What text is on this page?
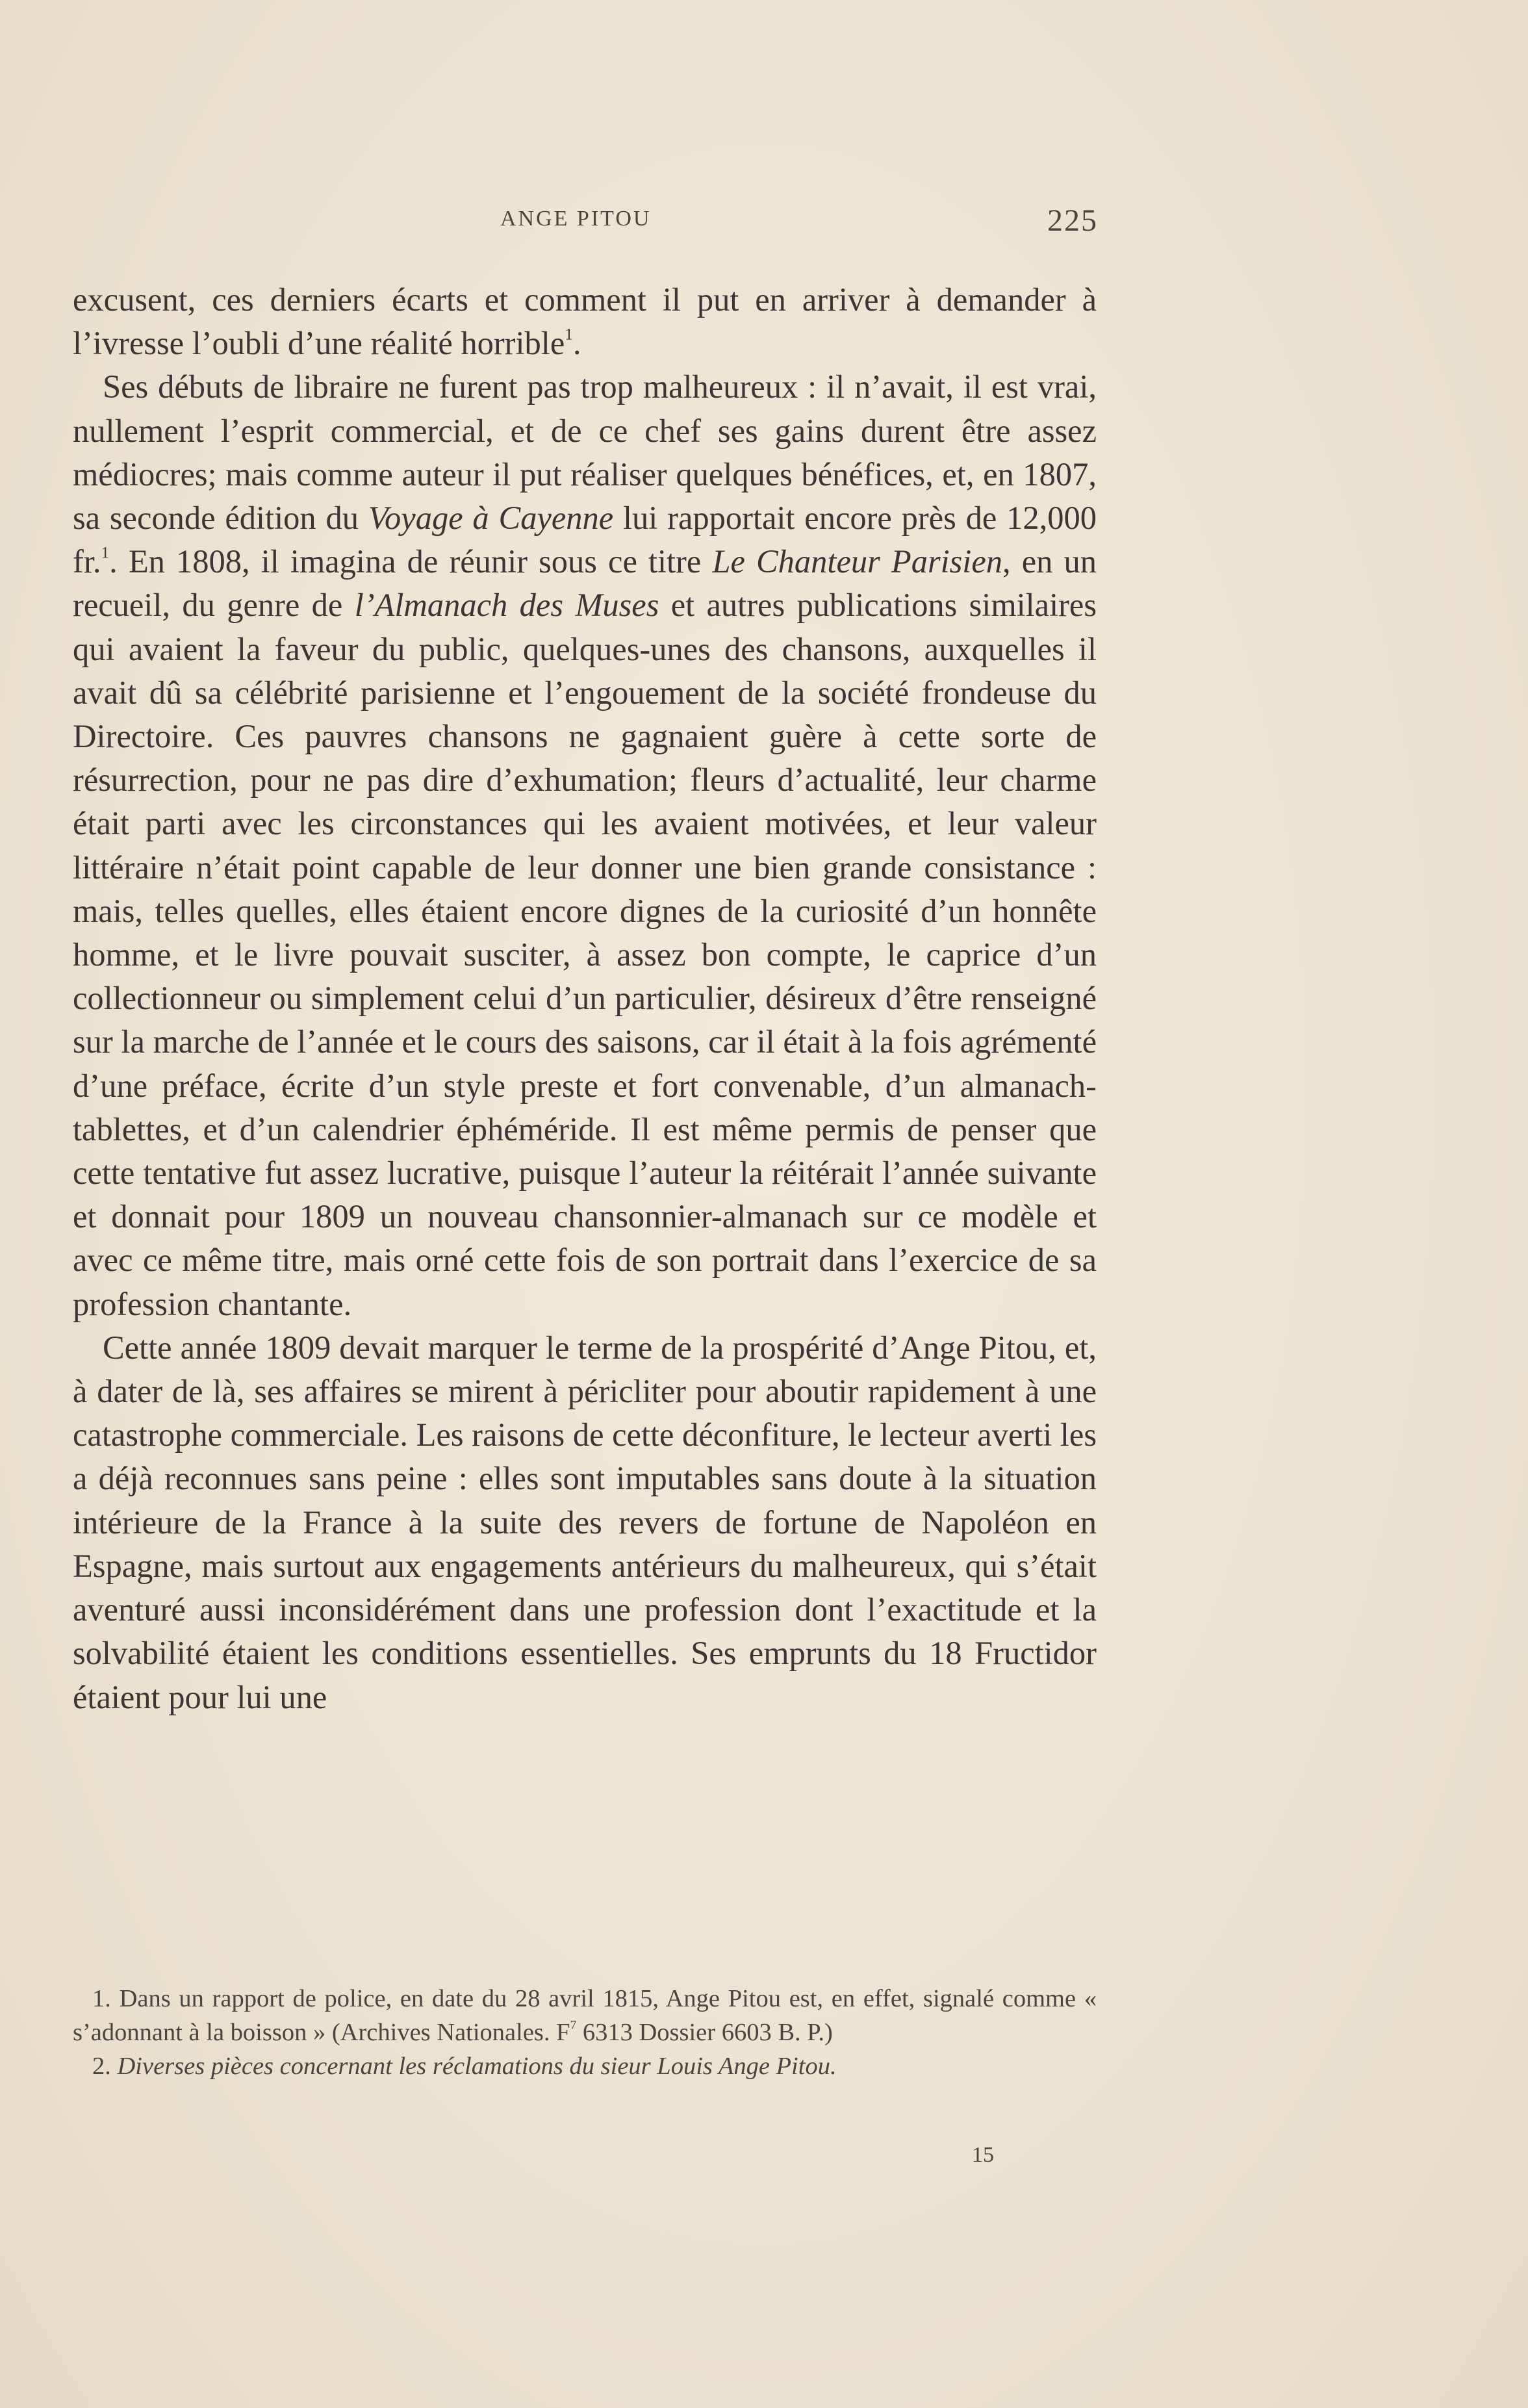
ANGE PITOU	225

excusent, ces derniers écarts et comment il put en arriver à demander à l’ivresse l’oubli d’une réalité horrible$^1$.

Ses débuts de libraire ne furent pas trop malheureux : il n’avait, il est vrai, nullement l’esprit commercial, et de ce chef ses gains durent être assez médiocres; mais comme auteur il put réaliser quelques bénéfices, et, en 1807, sa seconde édition du Voyage à Cayenne lui rapportait encore près de 12,000 fr.$^1$. En 1808, il imagina de réunir sous ce titre Le Chanteur Parisien, en un recueil, du genre de l’Almanach des Muses et autres publications similaires qui avaient la faveur du public, quelques-unes des chansons, auxquelles il avait dû sa célébrité parisienne et l’engouement de la société frondeuse du Directoire. Ces pauvres chansons ne gagnaient guère à cette sorte de résurrection, pour ne pas dire d’exhumation; fleurs d’actualité, leur charme était parti avec les circonstances qui les avaient motivées, et leur valeur littéraire n’était point capable de leur donner une bien grande consistance : mais, telles quelles, elles étaient encore dignes de la curiosité d’un honnête homme, et le livre pouvait susciter, à assez bon compte, le caprice d’un collectionneur ou simplement celui d’un particulier, désireux d’être renseigné sur la marche de l’année et le cours des saisons, car il était à la fois agrémenté d’une préface, écrite d’un style preste et fort convenable, d’un almanach-tablettes, et d’un calendrier éphéméride. Il est même permis de penser que cette tentative fut assez lucrative, puisque l’auteur la réitérait l’année suivante et donnait pour 1809 un nouveau chansonnier-almanach sur ce modèle et avec ce même titre, mais orné cette fois de son portrait dans l’exercice de sa profession chantante.

Cette année 1809 devait marquer le terme de la prospérité d’Ange Pitou, et, à dater de là, ses affaires se mirent à péricliter pour aboutir rapidement à une catastrophe commerciale. Les raisons de cette déconfiture, le lecteur averti les a déjà reconnues sans peine : elles sont imputables sans doute à la situation intérieure de la France à la suite des revers de fortune de Napoléon en Espagne, mais surtout aux engagements antérieurs du malheureux, qui s’était aventuré aussi inconsidérément dans une profession dont l’exactitude et la solvabilité étaient les conditions essentielles. Ses emprunts du 18 Fructidor étaient pour lui une

1. Dans un rapport de police, en date du 28 avril 1815, Ange Pitou est, en effet, signalé comme « s’adonnant à la boisson » (Archives Nationales. $F^7$ 6313 Dossier 6603 B. P.)

2. Diverses pièces concernant les réclamations du sieur Louis Ange Pitou.

15
